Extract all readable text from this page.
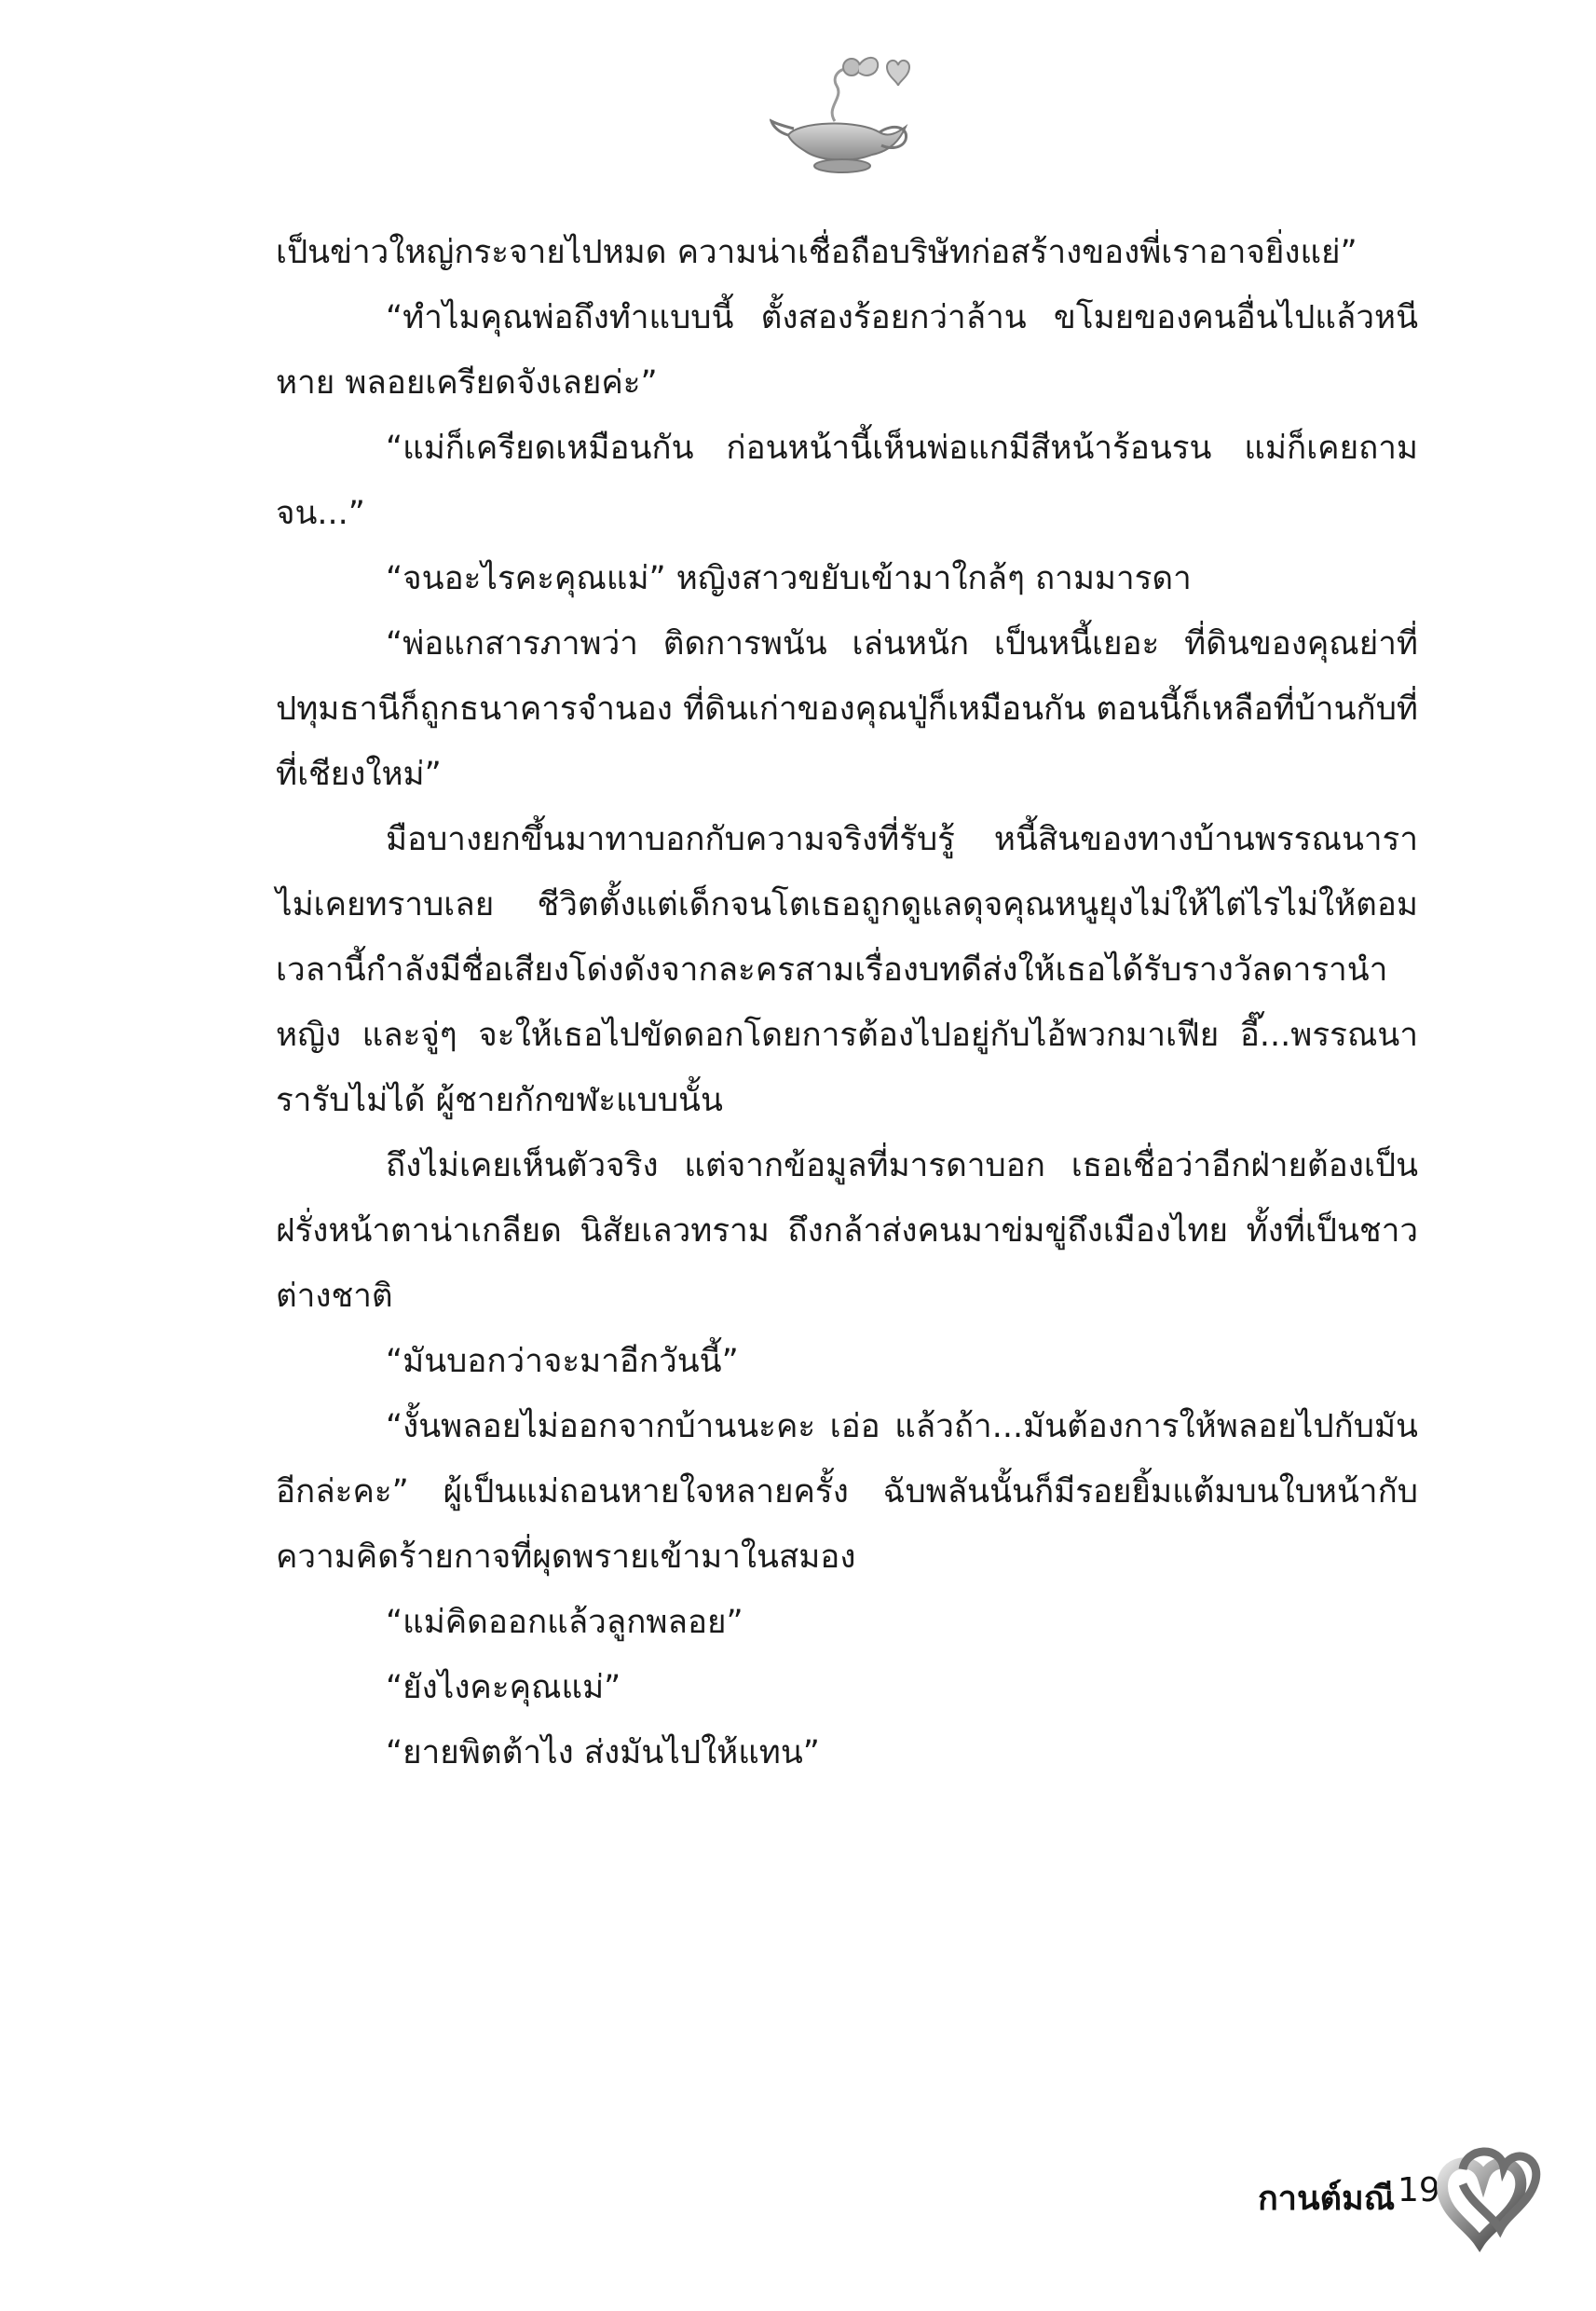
เป็นข่าวใหญ่กระจายไปหมด ความน่าเชื่อถือบริษัทก่อสร้างของพี่เราอาจยิ่งแย่”

“ทำไมคุณพ่อถึงทำแบบนี้ ตั้งสองร้อยกว่าล้าน ขโมยของคนอื่นไปแล้วหนีหาย พลอยเครียดจังเลยค่ะ”

“แม่ก็เครียดเหมือนกัน ก่อนหน้านี้เห็นพ่อแกมีสีหน้าร้อนรน แม่ก็เคยถาม จน...”

“จนอะไรคะคุณแม่” หญิงสาวขยับเข้ามาใกล้ๆ ถามมารดา

“พ่อแกสารภาพว่า ติดการพนัน เล่นหนัก เป็นหนี้เยอะ ที่ดินของคุณย่าที่ปทุมธานีก็ถูกธนาคารจำนอง ที่ดินเก่าของคุณปู่ก็เหมือนกัน ตอนนี้ก็เหลือที่บ้านกับที่ที่เชียงใหม่”

มือบางยกขึ้นมาทาบอกกับความจริงที่รับรู้ หนี้สินของทางบ้านพรรณนาราไม่เคยทราบเลย ชีวิตตั้งแต่เด็กจนโตเธอถูกดูแลดุจคุณหนูยุงไม่ให้ไต่ไรไม่ให้ตอม เวลานี้กำลังมีชื่อเสียงโด่งดังจากละครสามเรื่องบทดีส่งให้เธอได้รับรางวัลดารานำหญิง และจู่ๆ จะให้เธอไปขัดดอกโดยการต้องไปอยู่กับไอ้พวกมาเฟีย อี๊...พรรณนารารับไม่ได้ ผู้ชายกักขฬะแบบนั้น

ถึงไม่เคยเห็นตัวจริง แต่จากข้อมูลที่มารดาบอก เธอเชื่อว่าอีกฝ่ายต้องเป็นฝรั่งหน้าตาน่าเกลียด นิสัยเลวทราม ถึงกล้าส่งคนมาข่มขู่ถึงเมืองไทย ทั้งที่เป็นชาวต่างชาติ

“มันบอกว่าจะมาอีกวันนี้”

“งั้นพลอยไม่ออกจากบ้านนะคะ เอ่อ แล้วถ้า...มันต้องการให้พลอยไปกับมันอีกล่ะคะ” ผู้เป็นแม่ถอนหายใจหลายครั้ง ฉับพลันนั้นก็มีรอยยิ้มแต้มบนใบหน้ากับความคิดร้ายกาจที่ผุดพรายเข้ามาในสมอง

“แม่คิดออกแล้วลูกพลอย”

“ยังไงคะคุณแม่”

“ยายพิตต้าไง ส่งมันไปให้แทน”

กานต์มณี 19
